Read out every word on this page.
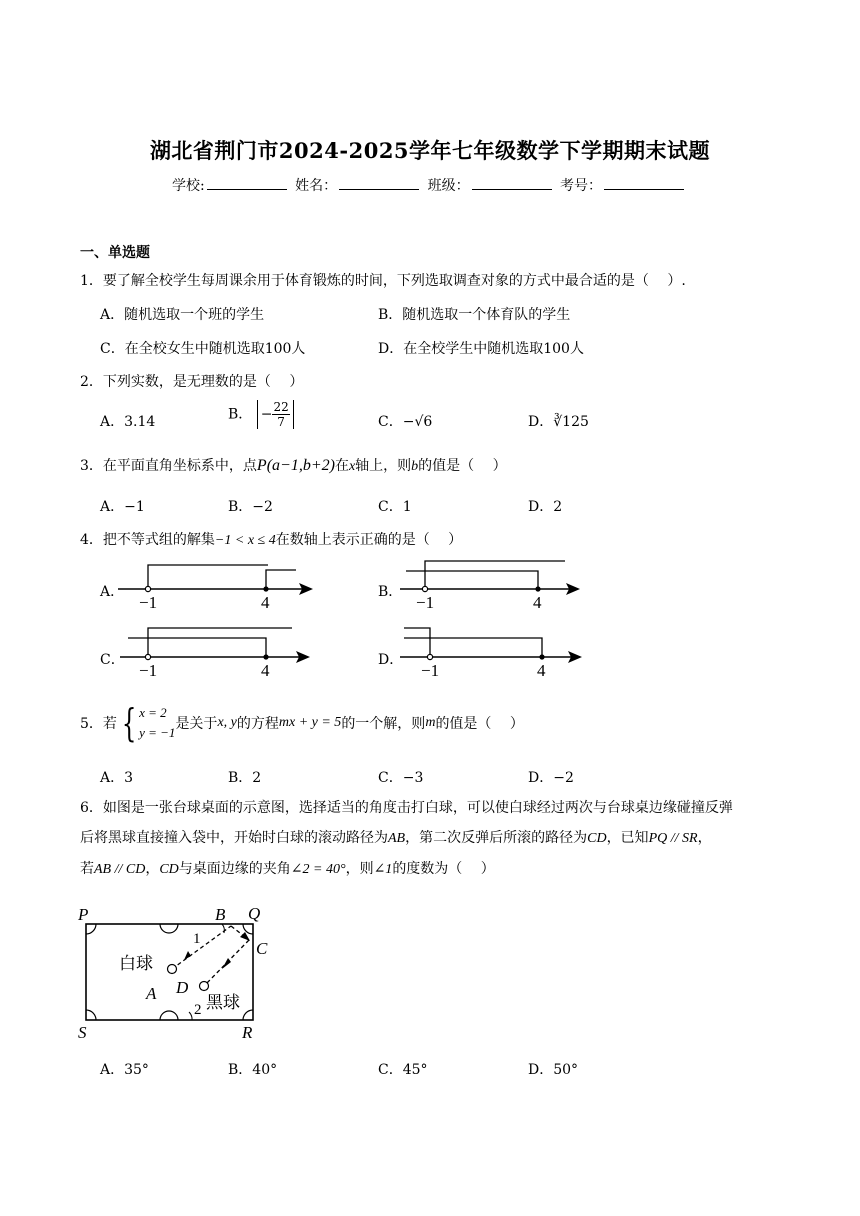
湖北省荆门市2024-2025学年七年级数学下学期期末试题
学校:	姓名：	班级：	考号：
一、单选题
1．要了解全校学生每周课余用于体育锻炼的时间，下列选取调查对象的方式中最合适的是（　 ）.
A．随机选取一个班的学生	B．随机选取一个体育队的学生
C．在全校女生中随机选取100人	D．在全校学生中随机选取100人
2．下列实数，是无理数的是（　 ）
A．3.14	B． − $\frac{22}{7}$	C．−√6	D．∛125
3．在平面直角坐标系中，点P(a−1,b+2)在x轴上，则b的值是（　 ）
A．−1	B．−2	C．1	D．2
4．把不等式组的解集−1 < x ≤ 4在数轴上表示正确的是（　 ）
A．
−1	4
B．
−1	4
C．
−1	4
D．
−1	4
5．若 { x = 2
y = −1
是关于 x, y 的方程 mx + y = 5 的一个解，则 m 的值是（　 ）
A．3	B．2	C．−3	D．−2
6．如图是一张台球桌面的示意图，选择适当的角度击打白球，可以使白球经过两次与台球桌边缘碰撞反弹
后将黑球直接撞入袋中，开始时白球的滚动路径为AB，第二次反弹后所滚的路径为CD，已知PQ // SR，
若AB // CD，CD与桌面边缘的夹角∠2 = 40°，则∠1的度数为（　 ）
P	Q
S	R
B
C
A D
1
2
白球
黑球
A．35°	B．40°	C．45°	D．50°
